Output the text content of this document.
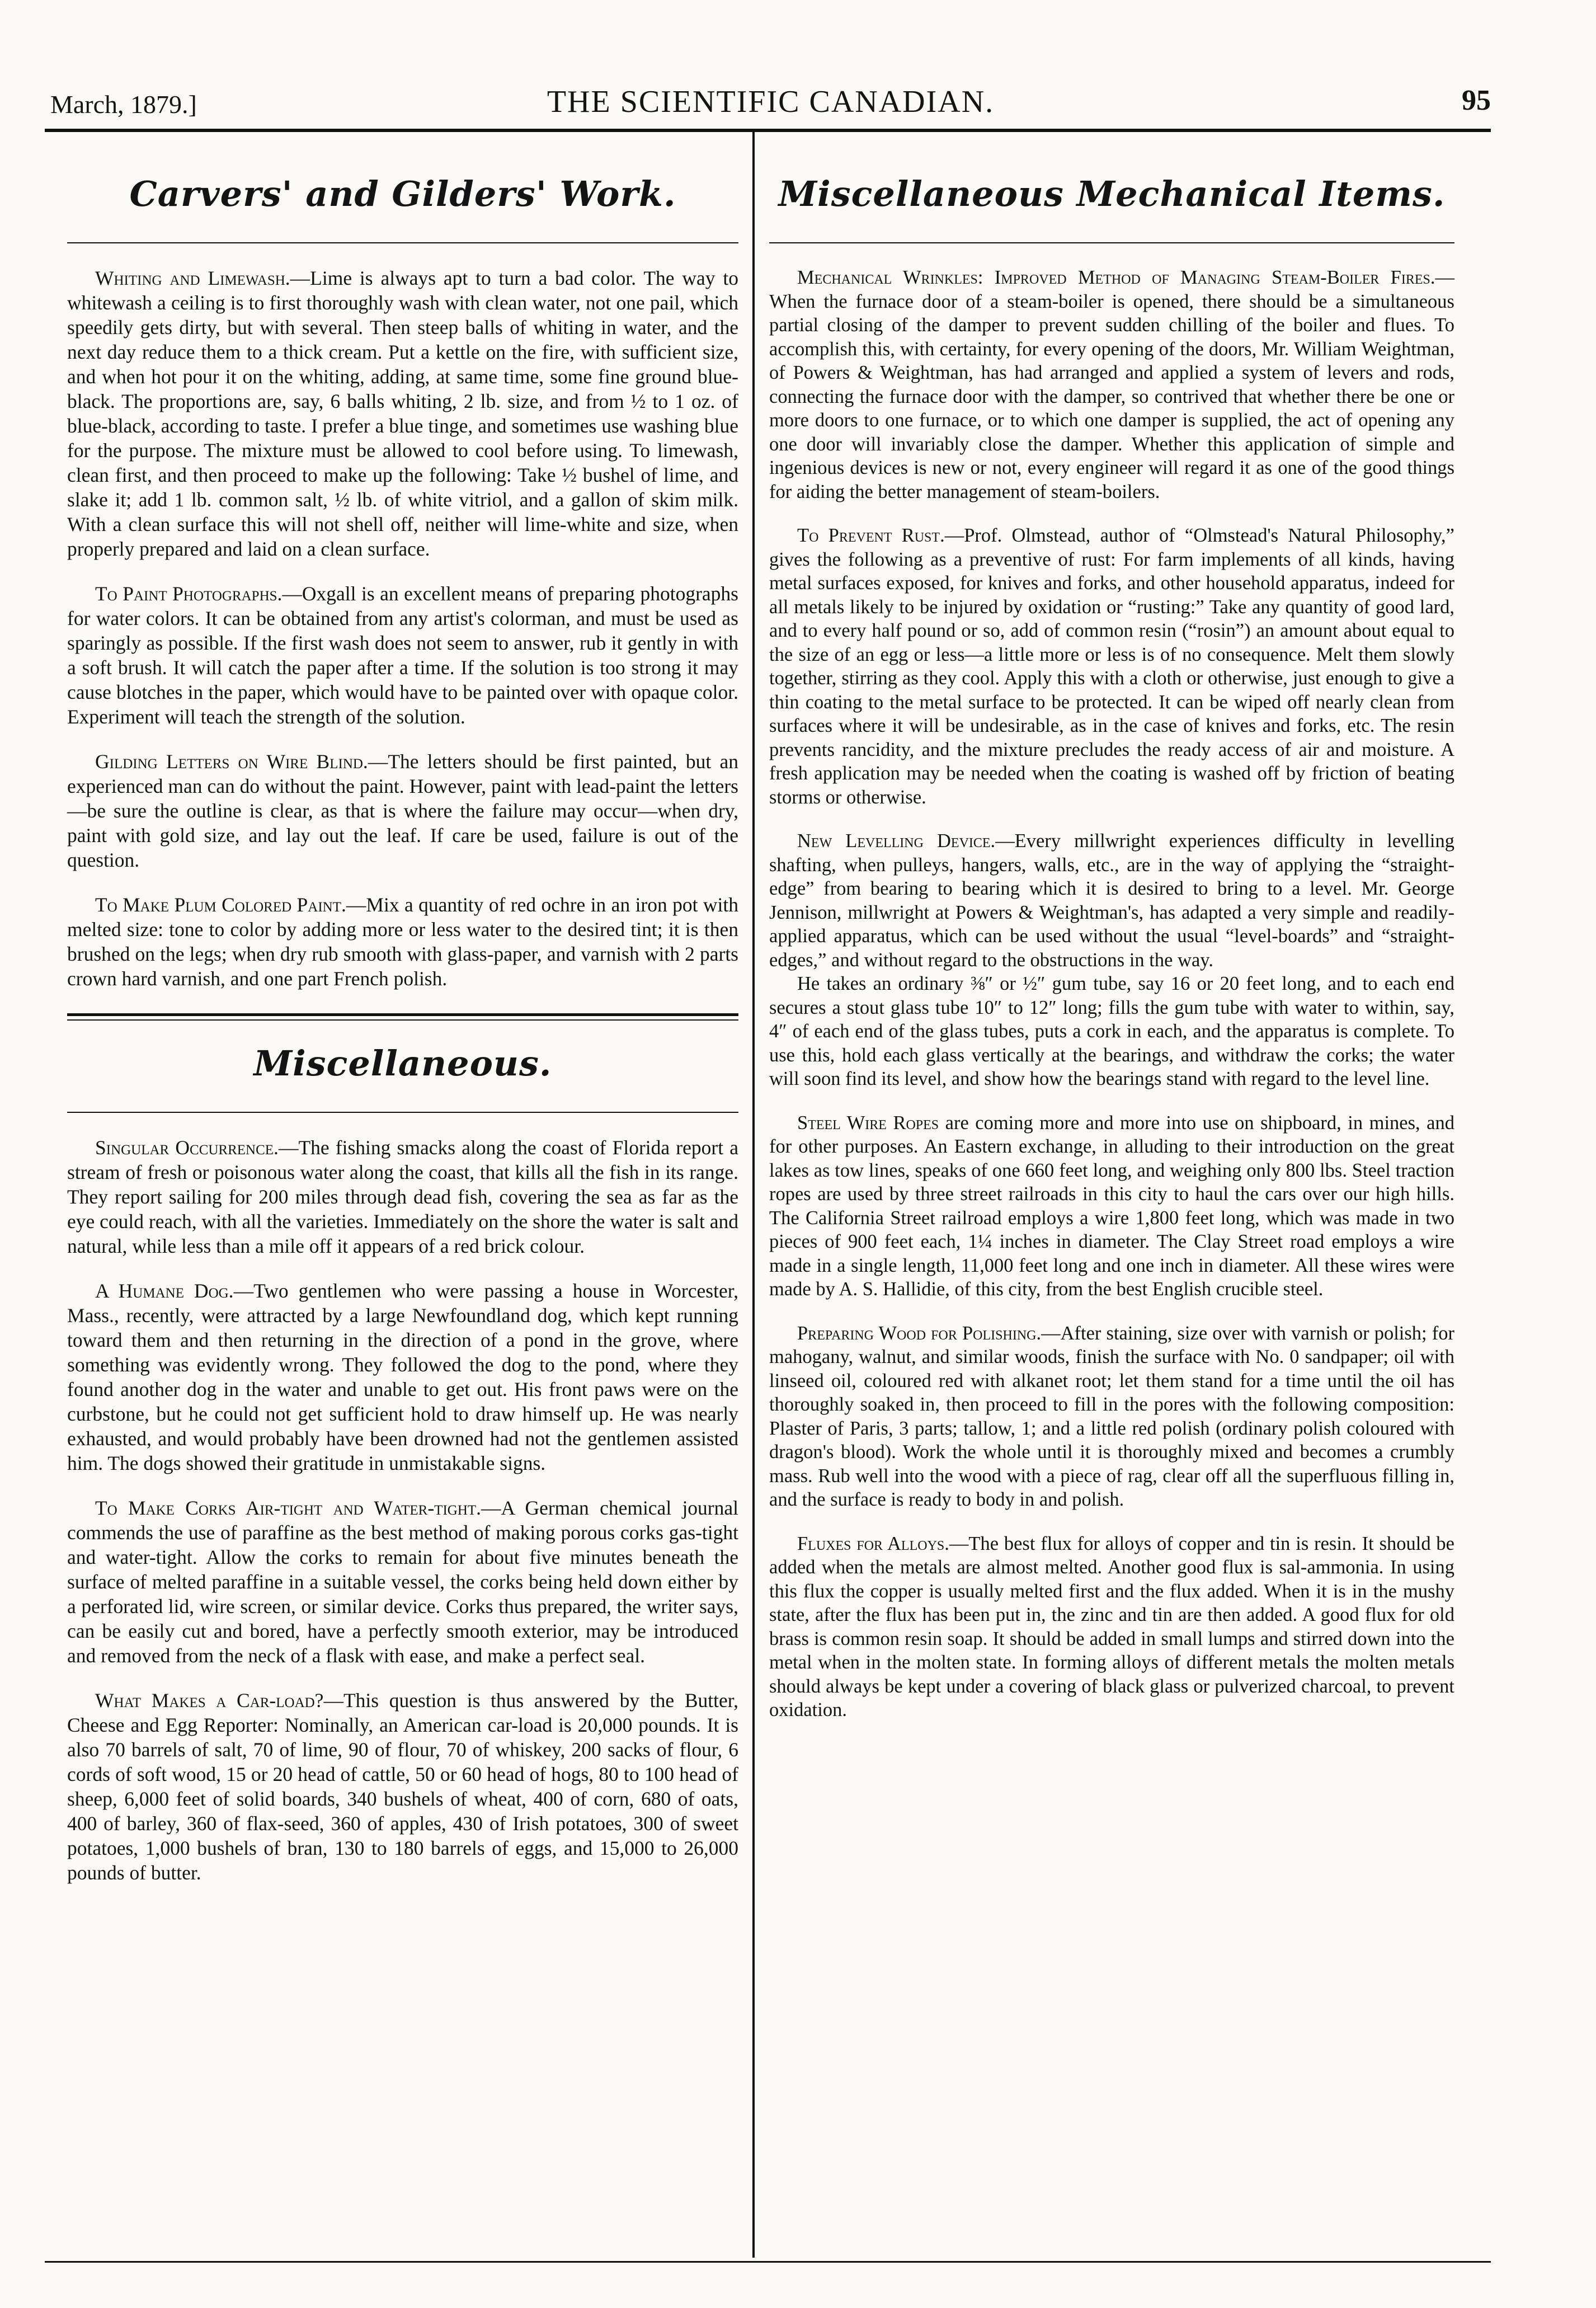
March, 1879.]	THE SCIENTIFIC CANADIAN.	95
Carvers' and Gilders' Work.

Whiting and Limewash.—Lime is always apt to turn a bad color. The way to whitewash a ceiling is to first thoroughly wash with clean water, not one pail, which speedily gets dirty, but with several. Then steep balls of whiting in water, and the next day reduce them to a thick cream. Put a kettle on the fire, with sufficient size, and when hot pour it on the whiting, adding, at same time, some fine ground blue-black. The proportions are, say, 6 balls whiting, 2 lb. size, and from ½ to 1 oz. of blue-black, according to taste. I prefer a blue tinge, and sometimes use washing blue for the purpose. The mixture must be allowed to cool before using. To limewash, clean first, and then proceed to make up the following: Take ½ bushel of lime, and slake it; add 1 lb. common salt, ½ lb. of white vitriol, and a gallon of skim milk. With a clean surface this will not shell off, neither will lime-white and size, when properly prepared and laid on a clean surface.

To Paint Photographs.—Oxgall is an excellent means of preparing photographs for water colors. It can be obtained from any artist's colorman, and must be used as sparingly as possible. If the first wash does not seem to answer, rub it gently in with a soft brush. It will catch the paper after a time. If the solution is too strong it may cause blotches in the paper, which would have to be painted over with opaque color. Experiment will teach the strength of the solution.

Gilding Letters on Wire Blind.—The letters should be first painted, but an experienced man can do without the paint. However, paint with lead-paint the letters—be sure the outline is clear, as that is where the failure may occur—when dry, paint with gold size, and lay out the leaf. If care be used, failure is out of the question.

To Make Plum Colored Paint.—Mix a quantity of red ochre in an iron pot with melted size: tone to color by adding more or less water to the desired tint; it is then brushed on the legs; when dry rub smooth with glass-paper, and varnish with 2 parts crown hard varnish, and one part French polish.

Miscellaneous.

Singular Occurrence.—The fishing smacks along the coast of Florida report a stream of fresh or poisonous water along the coast, that kills all the fish in its range. They report sailing for 200 miles through dead fish, covering the sea as far as the eye could reach, with all the varieties. Immediately on the shore the water is salt and natural, while less than a mile off it appears of a red brick colour.

A Humane Dog.—Two gentlemen who were passing a house in Worcester, Mass., recently, were attracted by a large Newfoundland dog, which kept running toward them and then returning in the direction of a pond in the grove, where something was evidently wrong. They followed the dog to the pond, where they found another dog in the water and unable to get out. His front paws were on the curbstone, but he could not get sufficient hold to draw himself up. He was nearly exhausted, and would probably have been drowned had not the gentlemen assisted him. The dogs showed their gratitude in unmistakable signs.

To Make Corks Air-tight and Water-tight.—A German chemical journal commends the use of paraffine as the best method of making porous corks gas-tight and water-tight. Allow the corks to remain for about five minutes beneath the surface of melted paraffine in a suitable vessel, the corks being held down either by a perforated lid, wire screen, or similar device. Corks thus prepared, the writer says, can be easily cut and bored, have a perfectly smooth exterior, may be introduced and removed from the neck of a flask with ease, and make a perfect seal.

What Makes a Car-load?—This question is thus answered by the Butter, Cheese and Egg Reporter: Nominally, an American car-load is 20,000 pounds. It is also 70 barrels of salt, 70 of lime, 90 of flour, 70 of whiskey, 200 sacks of flour, 6 cords of soft wood, 15 or 20 head of cattle, 50 or 60 head of hogs, 80 to 100 head of sheep, 6,000 feet of solid boards, 340 bushels of wheat, 400 of corn, 680 of oats, 400 of barley, 360 of flax-seed, 360 of apples, 430 of Irish potatoes, 300 of sweet potatoes, 1,000 bushels of bran, 130 to 180 barrels of eggs, and 15,000 to 26,000 pounds of butter.

Miscellaneous Mechanical Items.

Mechanical Wrinkles: Improved Method of Managing Steam-Boiler Fires.—When the furnace door of a steam-boiler is opened, there should be a simultaneous partial closing of the damper to prevent sudden chilling of the boiler and flues. To accomplish this, with certainty, for every opening of the doors, Mr. William Weightman, of Powers & Weightman, has had arranged and applied a system of levers and rods, connecting the furnace door with the damper, so contrived that whether there be one or more doors to one furnace, or to which one damper is supplied, the act of opening any one door will invariably close the damper. Whether this application of simple and ingenious devices is new or not, every engineer will regard it as one of the good things for aiding the better management of steam-boilers.

To Prevent Rust.—Prof. Olmstead, author of “Olmstead's Natural Philosophy,” gives the following as a preventive of rust: For farm implements of all kinds, having metal surfaces exposed, for knives and forks, and other household apparatus, indeed for all metals likely to be injured by oxidation or “rusting:” Take any quantity of good lard, and to every half pound or so, add of common resin (“rosin”) an amount about equal to the size of an egg or less—a little more or less is of no consequence. Melt them slowly together, stirring as they cool. Apply this with a cloth or otherwise, just enough to give a thin coating to the metal surface to be protected. It can be wiped off nearly clean from surfaces where it will be undesirable, as in the case of knives and forks, etc. The resin prevents rancidity, and the mixture precludes the ready access of air and moisture. A fresh application may be needed when the coating is washed off by friction of beating storms or otherwise.

New Levelling Device.—Every millwright experiences difficulty in levelling shafting, when pulleys, hangers, walls, etc., are in the way of applying the “straight-edge” from bearing to bearing which it is desired to bring to a level. Mr. George Jennison, millwright at Powers & Weightman's, has adapted a very simple and readily-applied apparatus, which can be used without the usual “level-boards” and “straight-edges,” and without regard to the obstructions in the way.

He takes an ordinary ⅜″ or ½″ gum tube, say 16 or 20 feet long, and to each end secures a stout glass tube 10″ to 12″ long; fills the gum tube with water to within, say, 4″ of each end of the glass tubes, puts a cork in each, and the apparatus is complete. To use this, hold each glass vertically at the bearings, and withdraw the corks; the water will soon find its level, and show how the bearings stand with regard to the level line.

Steel Wire Ropes are coming more and more into use on shipboard, in mines, and for other purposes. An Eastern exchange, in alluding to their introduction on the great lakes as tow lines, speaks of one 660 feet long, and weighing only 800 lbs. Steel traction ropes are used by three street railroads in this city to haul the cars over our high hills. The California Street railroad employs a wire 1,800 feet long, which was made in two pieces of 900 feet each, 1¼ inches in diameter. The Clay Street road employs a wire made in a single length, 11,000 feet long and one inch in diameter. All these wires were made by A. S. Hallidie, of this city, from the best English crucible steel.

Preparing Wood for Polishing.—After staining, size over with varnish or polish; for mahogany, walnut, and similar woods, finish the surface with No. 0 sandpaper; oil with linseed oil, coloured red with alkanet root; let them stand for a time until the oil has thoroughly soaked in, then proceed to fill in the pores with the following composition: Plaster of Paris, 3 parts; tallow, 1; and a little red polish (ordinary polish coloured with dragon's blood). Work the whole until it is thoroughly mixed and becomes a crumbly mass. Rub well into the wood with a piece of rag, clear off all the superfluous filling in, and the surface is ready to body in and polish.

Fluxes for Alloys.—The best flux for alloys of copper and tin is resin. It should be added when the metals are almost melted. Another good flux is sal-ammonia. In using this flux the copper is usually melted first and the flux added. When it is in the mushy state, after the flux has been put in, the zinc and tin are then added. A good flux for old brass is common resin soap. It should be added in small lumps and stirred down into the metal when in the molten state. In forming alloys of different metals the molten metals should always be kept under a covering of black glass or pulverized charcoal, to prevent oxidation.
